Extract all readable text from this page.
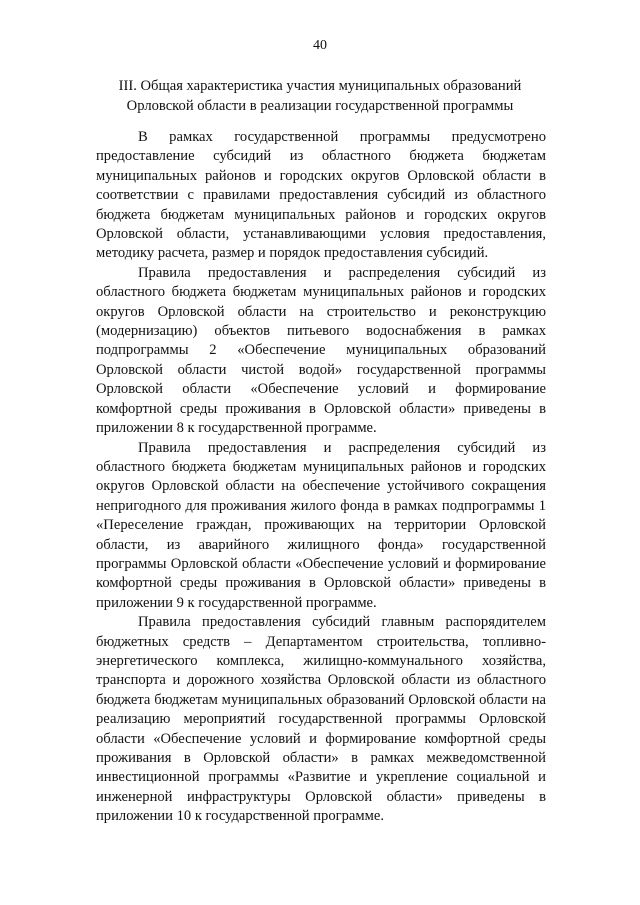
40
III. Общая характеристика участия муниципальных образований
Орловской области в реализации государственной программы

В рамках государственной программы предусмотрено предоставление субсидий из областного бюджета бюджетам муниципальных районов и городских округов Орловской области в соответствии с правилами предоставления субсидий из областного бюджета бюджетам муниципальных районов и городских округов Орловской области, устанавливающими условия предоставления, методику расчета, размер и порядок предоставления субсидий.

Правила предоставления и распределения субсидий из областного бюджета бюджетам муниципальных районов и городских округов Орловской области на строительство и реконструкцию (модернизацию) объектов питьевого водоснабжения в рамках подпрограммы 2 «Обеспечение муниципальных образований Орловской области чистой водой» государственной программы Орловской области «Обеспечение условий и формирование комфортной среды проживания в Орловской области» приведены в приложении 8 к государственной программе.

Правила предоставления и распределения субсидий из областного бюджета бюджетам муниципальных районов и городских округов Орловской области на обеспечение устойчивого сокращения непригодного для проживания жилого фонда в рамках подпрограммы 1 «Переселение граждан, проживающих на территории Орловской области, из аварийного жилищного фонда» государственной программы Орловской области «Обеспечение условий и формирование комфортной среды проживания в Орловской области» приведены в приложении 9 к государственной программе.

Правила предоставления субсидий главным распорядителем бюджетных средств – Департаментом строительства, топливно-энергетического комплекса, жилищно-коммунального хозяйства, транспорта и дорожного хозяйства Орловской области из областного бюджета бюджетам муниципальных образований Орловской области на реализацию мероприятий государственной программы Орловской области «Обеспечение условий и формирование комфортной среды проживания в Орловской области» в рамках межведомственной инвестиционной программы «Развитие и укрепление социальной и инженерной инфраструктуры Орловской области» приведены в приложении 10 к государственной программе.
